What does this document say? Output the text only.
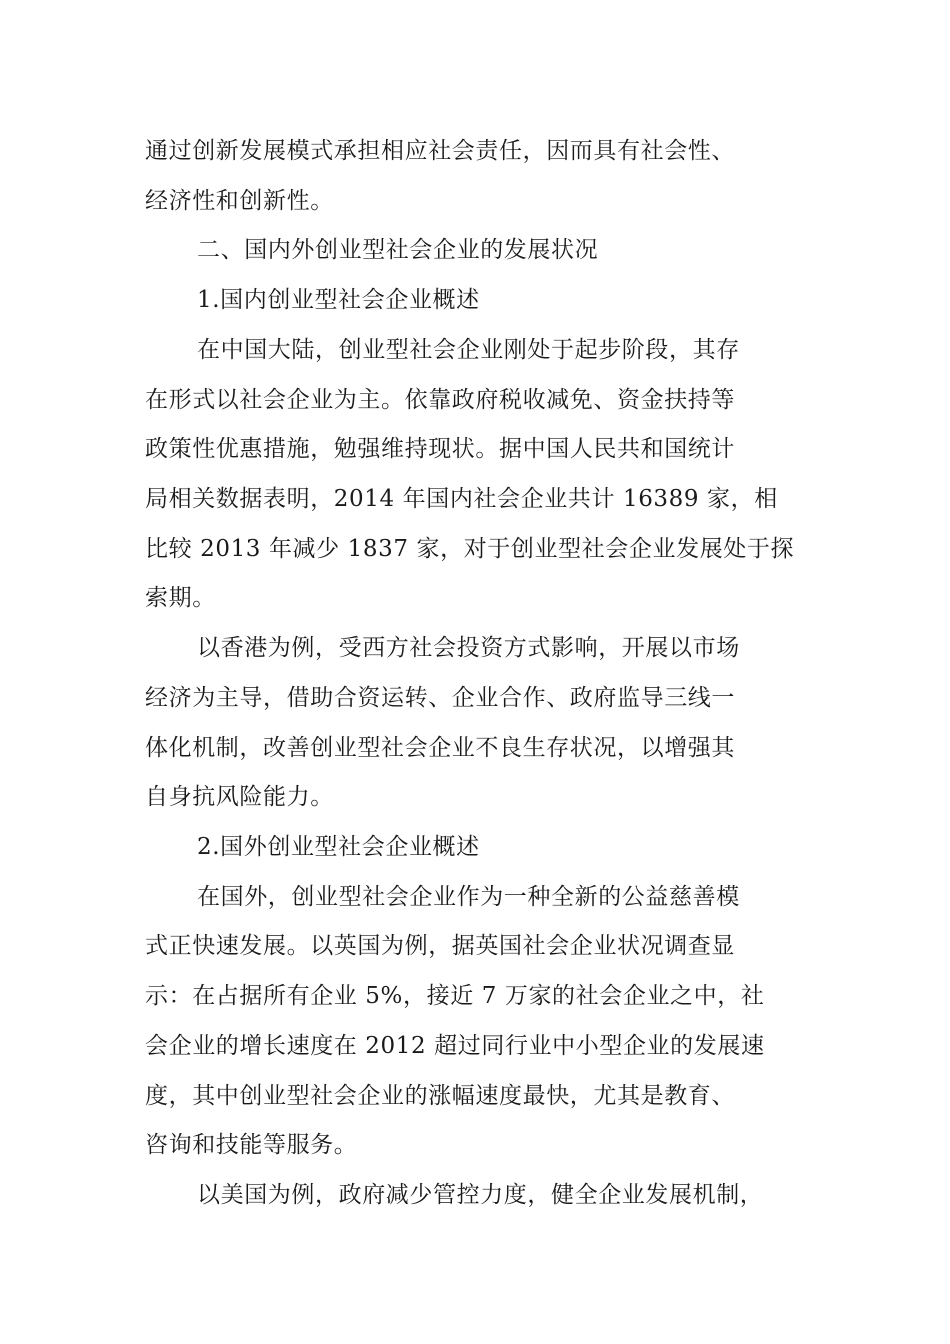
通过创新发展模式承担相应社会责任，因而具有社会性、
经济性和创新性。
二、国内外创业型社会企业的发展状况
1.国内创业型社会企业概述
在中国大陆，创业型社会企业刚处于起步阶段，其存
在形式以社会企业为主。依靠政府税收减免、资金扶持等
政策性优惠措施，勉强维持现状。据中国人民共和国统计
局相关数据表明，2014 年国内社会企业共计 16389 家，相
比较 2013 年减少 1837 家，对于创业型社会企业发展处于探
索期。
以香港为例，受西方社会投资方式影响，开展以市场
经济为主导，借助合资运转、企业合作、政府监导三线一
体化机制，改善创业型社会企业不良生存状况，以增强其
自身抗风险能力。
2.国外创业型社会企业概述
在国外，创业型社会企业作为一种全新的公益慈善模
式正快速发展。以英国为例，据英国社会企业状况调查显
示：在占据所有企业 5%，接近 7 万家的社会企业之中，社
会企业的增长速度在 2012 超过同行业中小型企业的发展速
度，其中创业型社会企业的涨幅速度最快，尤其是教育、
咨询和技能等服务。
以美国为例，政府减少管控力度，健全企业发展机制，
